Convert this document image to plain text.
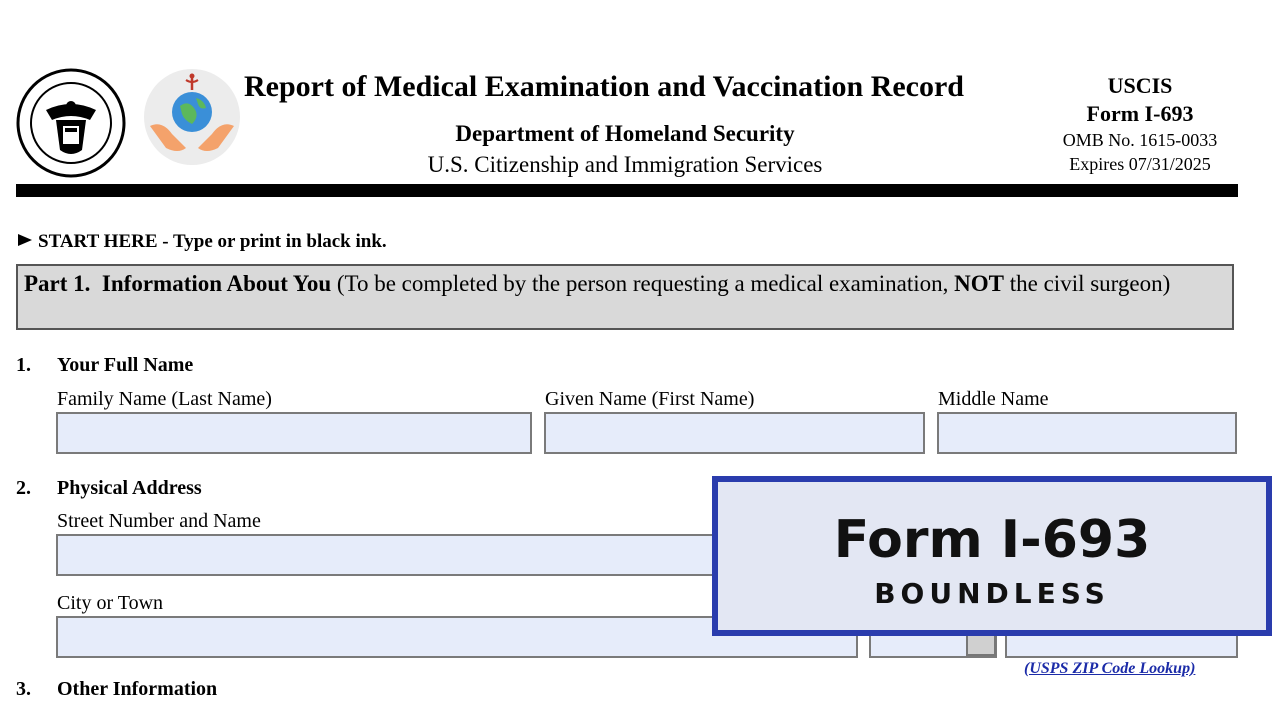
Report of Medical Examination and Vaccination Record
Department of Homeland Security
U.S. Citizenship and Immigration Services
USCIS
Form I-693
OMB No. 1615-0033
Expires 07/31/2025
START HERE - Type or print in black ink.
Part 1. Information About You (To be completed by the person requesting a medical examination, NOT the civil surgeon)
1. Your Full Name
Family Name (Last Name)	Given Name (First Name)	Middle Name
2. Physical Address
Street Number and Name
City or Town
(USPS ZIP Code Lookup)
3. Other Information
Form I-693
BOUNDLESS
